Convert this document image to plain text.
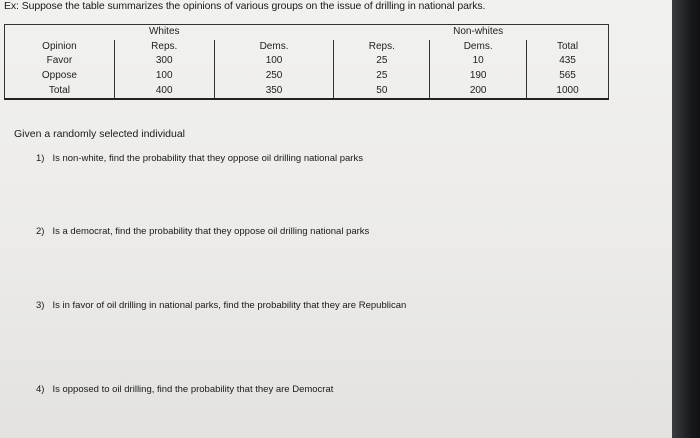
Ex: Suppose the table summarizes the opinions of various groups on the issue of drilling in national parks.
	Whites			Non-whites	
Opinion	Reps.	Dems.	Reps.	Dems.	Total
Favor	300	100	25	10	435
Oppose	100	250	25	190	565
Total	400	350	50	200	1000
Given a randomly selected individual
1) Is non-white, find the probability that they oppose oil drilling national parks
2) Is a democrat, find the probability that they oppose oil drilling national parks
3) Is in favor of oil drilling in national parks, find the probability that they are Republican
4) Is opposed to oil drilling, find the probability that they are Democrat
